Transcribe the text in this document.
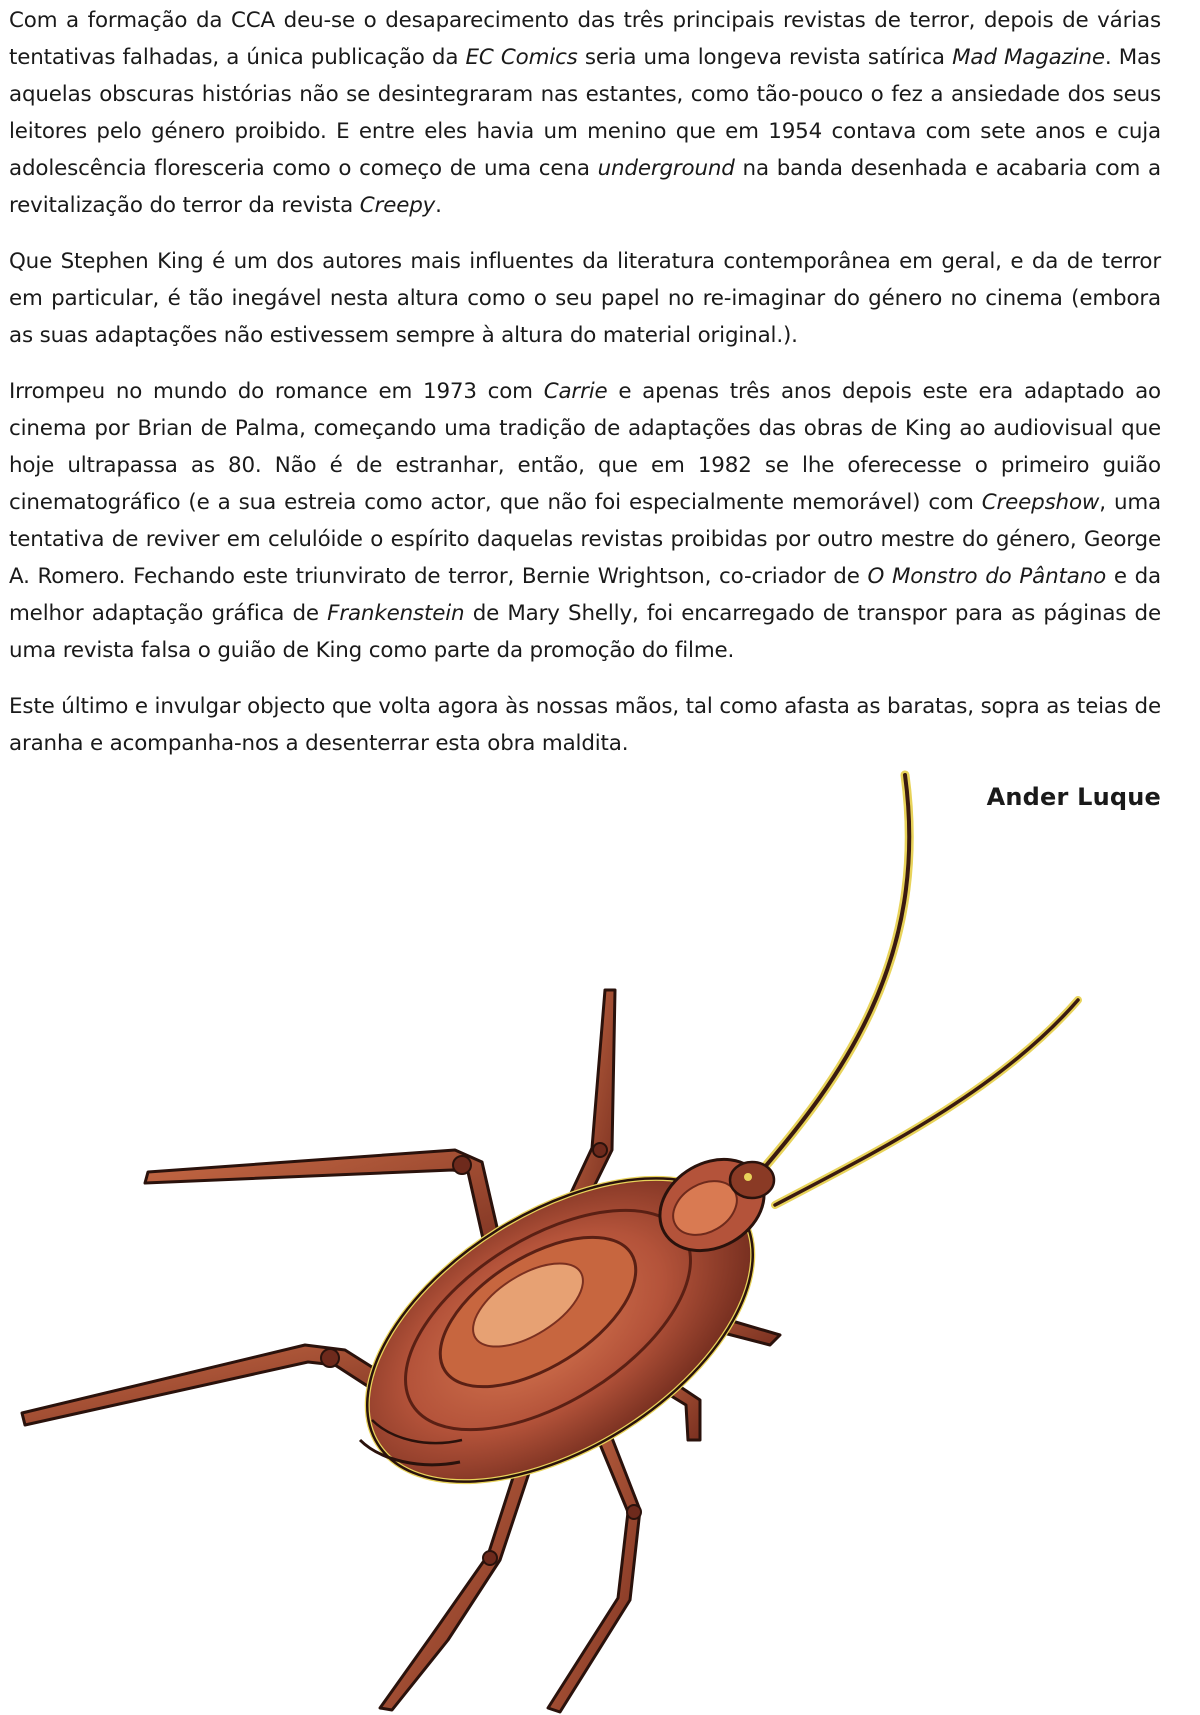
Com a formação da CCA deu-se o desaparecimento das três principais revistas de terror, depois de várias tentativas falhadas, a única publicação da EC Comics seria uma longeva revista satírica Mad Magazine. Mas aquelas obscuras histórias não se desintegraram nas estantes, como tão-pouco o fez a ansiedade dos seus leitores pelo género proibido. E entre eles havia um menino que em 1954 contava com sete anos e cuja adolescência floresceria como o começo de uma cena underground na banda desenhada e acabaria com a revitalização do terror da revista Creepy.

Que Stephen King é um dos autores mais influentes da literatura contemporânea em geral, e da de terror em particular, é tão inegável nesta altura como o seu papel no re-imaginar do género no cinema (embora as suas adaptações não estivessem sempre à altura do material original.).

Irrompeu no mundo do romance em 1973 com Carrie e apenas três anos depois este era adaptado ao cinema por Brian de Palma, começando uma tradição de adaptações das obras de King ao audiovisual que hoje ultrapassa as 80. Não é de estranhar, então, que em 1982 se lhe oferecesse o primeiro guião cinematográfico (e a sua estreia como actor, que não foi especialmente memorável) com Creepshow, uma tentativa de reviver em celulóide o espírito daquelas revistas proibidas por outro mestre do género, George A. Romero. Fechando este triunvirato de terror, Bernie Wrightson, co-criador de O Monstro do Pântano e da melhor adaptação gráfica de Frankenstein de Mary Shelly, foi encarregado de transpor para as páginas de uma revista falsa o guião de King como parte da promoção do filme.

Este último e invulgar objecto que volta agora às nossas mãos, tal como afasta as baratas, sopra as teias de aranha e acompanha-nos a desenterrar esta obra maldita.

Ander Luque
